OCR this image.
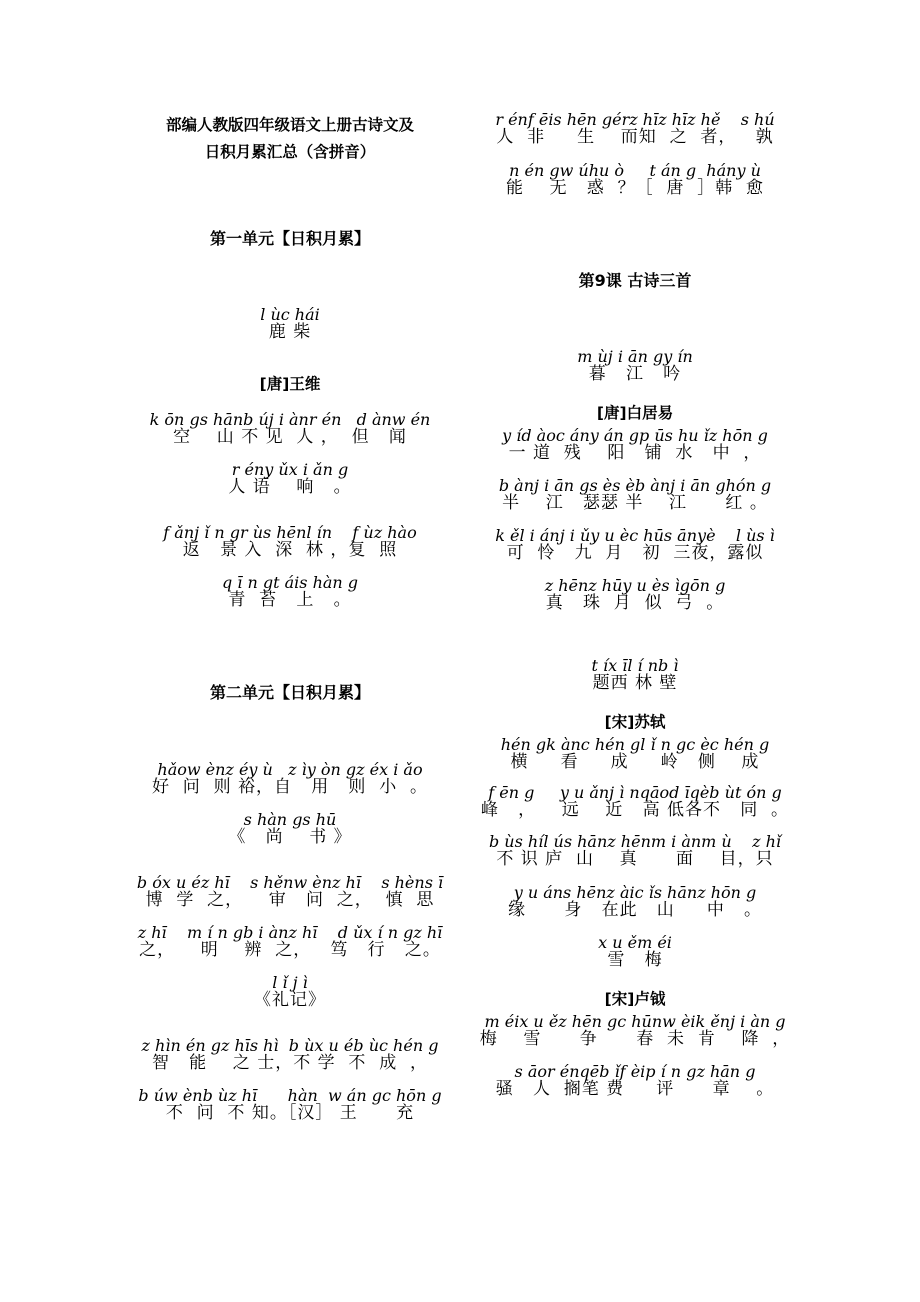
部编人教版四年级语文上册古诗文及
日积月累汇总（含拼音）
第一单元【日积月累】
l ùc hái
鹿 柴
[唐]王维
k ōn gs hānb új i ànr én   d ànw én
空    山 不 见  人 ，  但   闻
r ény ǔx i ǎn g
人 语    响   。
f ǎnj ǐ n gr ùs hēnl ín    f ùz hào
返   景 入  深  林 ，复  照
q ī n gt áis hàn g
青  苔   上   。
第二单元【日积月累】
hǎow ènz éy ù   z ìy òn gz éx i ǎo
好  问  则 裕，自   用   则  小  。
s hàn gs hū
《   尚    书 》
b óx u éz hī    s hěnw ènz hī    s hèns ī
博  学  之，    审   问  之，  慎  思
z hī    m í n gb i ànz hī    d ǔx í n gz hī
之，    明    辨  之，   笃   行   之。
l ǐ j ì
《礼记》
z hìn én gz hīs hì  b ùx u éb ùc hén g
智   能    之 士，不 学  不  成  ，
b úw ènb ùz hī      hàn  w án gc hōn g
不  问  不 知。［汉］ 王      充
r énf ēis hēn gérz hīz hīz hě    s hú
人  非     生    而知  之  者，   孰
n én gw úhu ò     t án g  hány ù
能    无   惑  ？［  唐  ］韩  愈
第9课 古诗三首
m ùj i ān gy ín
暮   江   吟
[唐]白居易
y íd àoc ány án gp ūs hu ǐz hōn g
一 道  残    阳   铺  水   中  ，
b ànj i ān gs ès èb ànj i ān ghón g
半    江   瑟瑟 半    江      红 。
k ěl i ánj i ǔy u èc hūs ānyè    l ùs ì
可  怜   九  月   初  三夜，露似
z hēnz hūy u ès ìgōn g
真   珠  月  似  弓  。
t íx īl í nb ì
题西 林 壁
[宋]苏轼
hén gk ànc hén gl ǐ n gc èc hén g
横     看     成     岭   侧    成
f ēn g     y u ǎnj ì nqāod īqèb ùt ón g
峰   ，    远    近   高 低各不   同  。
b ùs híl ús hānz hēnm i ànm ù    z hǐ
不 识 庐  山    真      面    目，只
y u áns hēnz àic ǐs hānz hōn g
缘      身   在此   山     中   。
x u ěm éi
雪   梅
[宋]卢钺
m éix u ěz hēn gc hūnw èik ěnj i àn g
梅    雪      争      春  未  肯    降  ，
s āor énqēb ǐf èip í n gz hān g
骚   人  搁笔 费     评      章    。
